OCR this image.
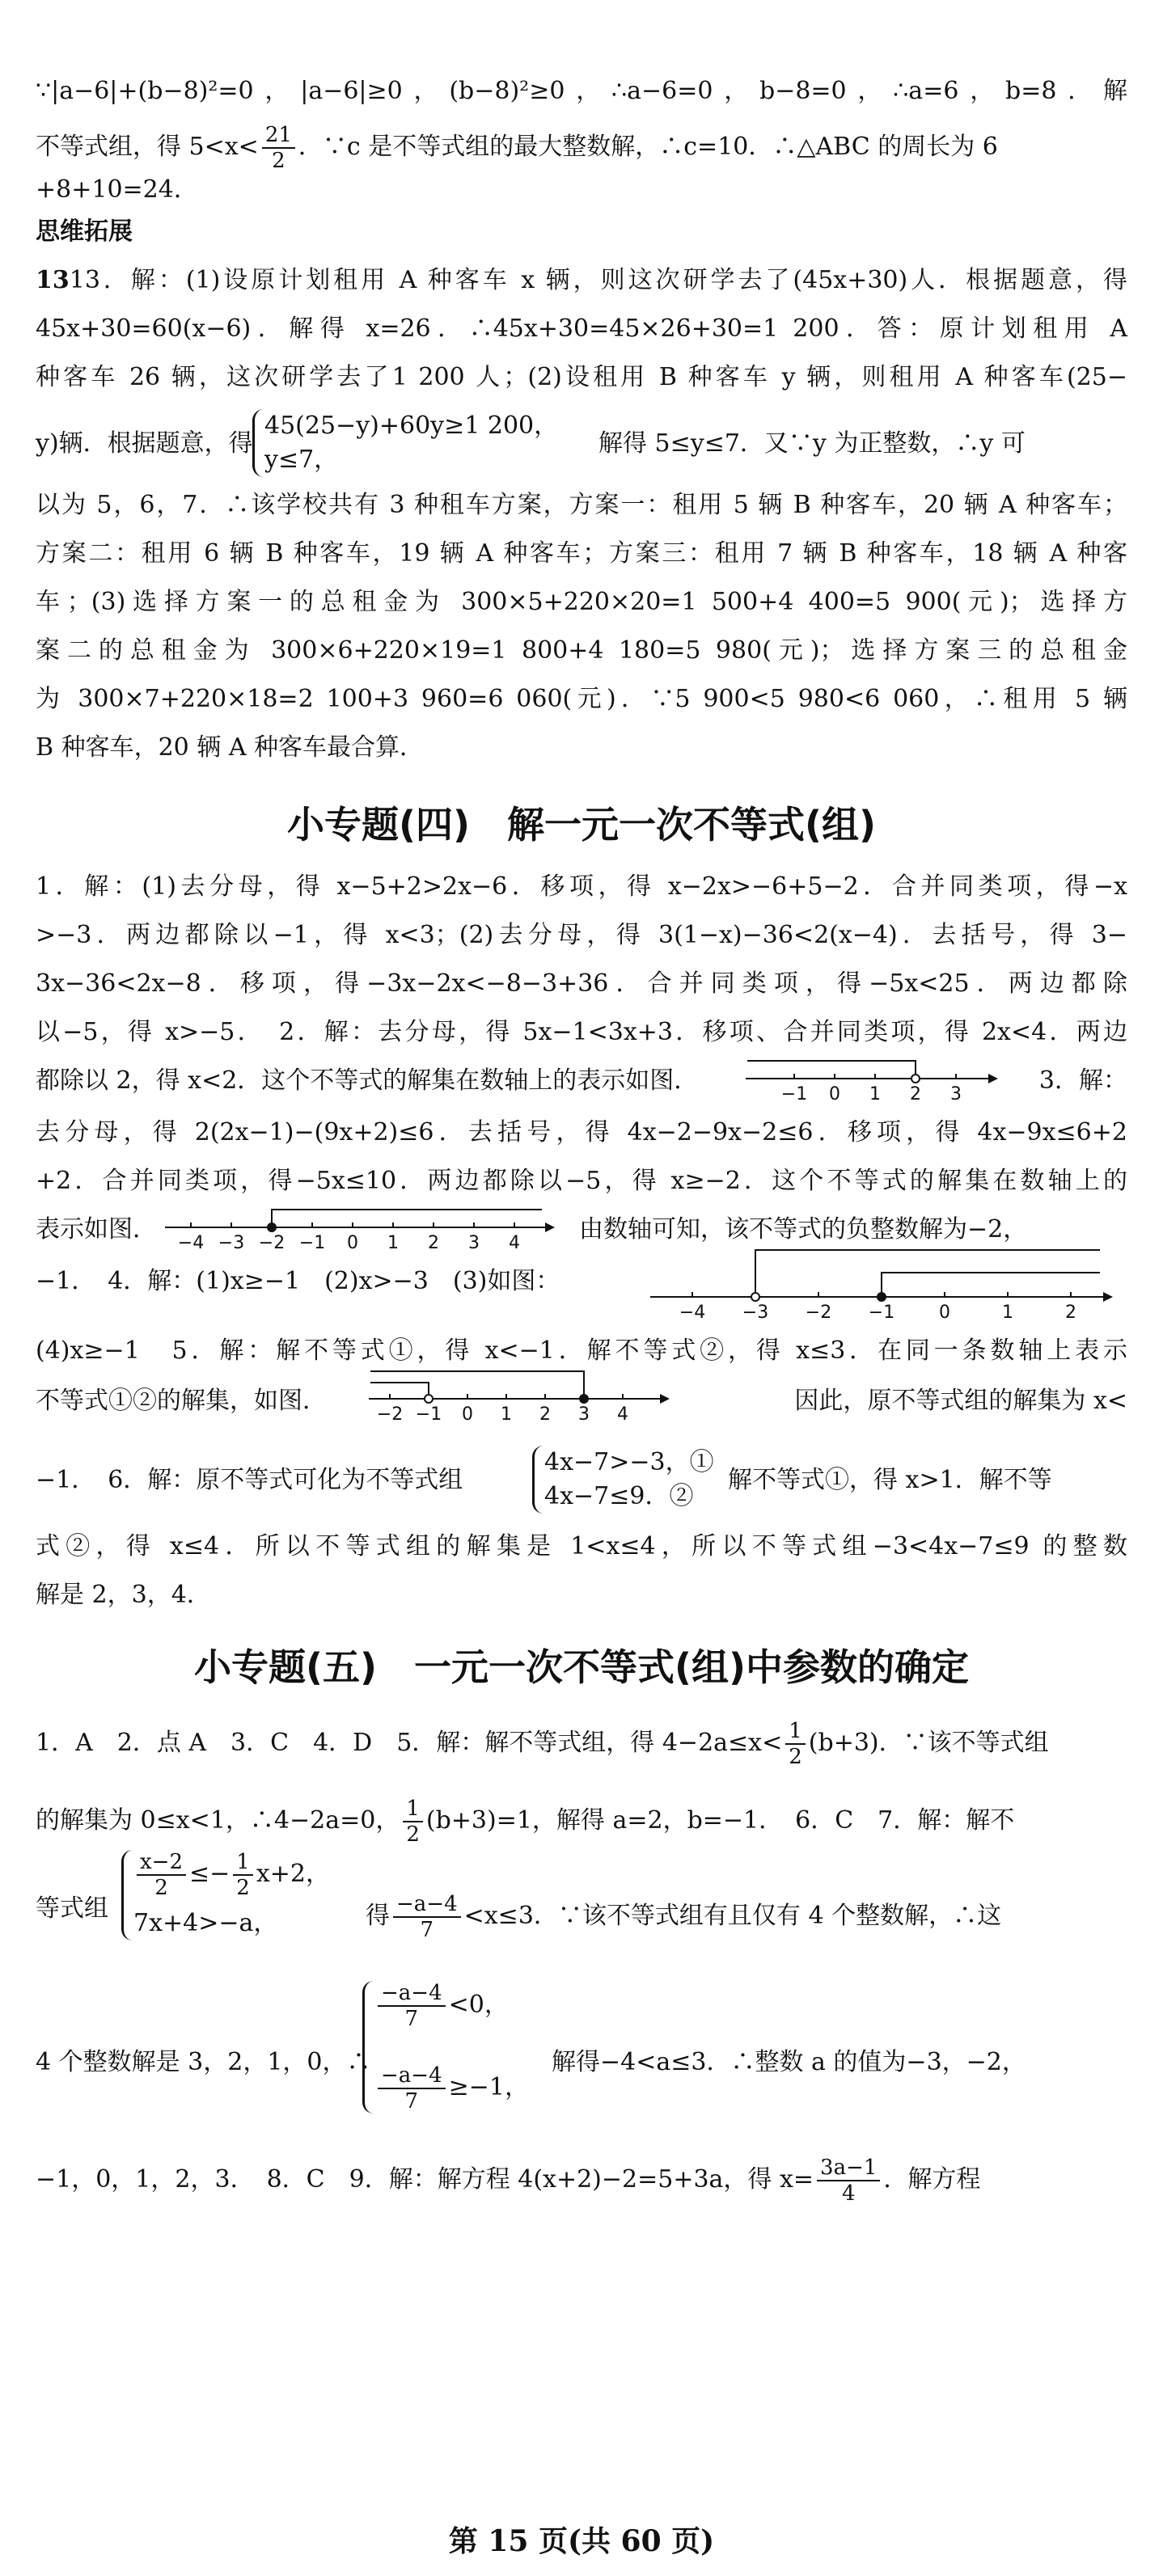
∵|a−6|+(b−8)²=0，|a−6|≥0，(b−8)²≥0，∴a−6=0，b−8=0，∴a=6，b=8．解
不等式组，得 $5<x< \frac{21}{2}$ ．∵c 是不等式组的最大整数解，∴c=10．∴△ABC 的周长为 6
+8+10=24．
思维拓展
1313．解：(1)设原计划租用 A 种客车 x 辆，则这次研学去了(45x+30)人．根据题意，得
45x+30=60(x−6)．解得 x=26．∴45x+30=45×26+30=1 200．答：原计划租用 A
种客车 26 辆，这次研学去了1 200 人；(2)设租用 B 种客车 y 辆，则租用 A 种客车(25−
y)辆．根据题意，得
45(25−y)+60y≥1 200，
y≤7，
解得 5≤y≤7．又∵y 为正整数，∴y 可
以为 5，6，7．∴该学校共有 3 种租车方案，方案一：租用 5 辆 B 种客车，20 辆 A 种客车；
方案二：租用 6 辆 B 种客车，19 辆 A 种客车；方案三：租用 7 辆 B 种客车，18 辆 A 种客
车；(3)选择方案一的总租金为 300×5+220×20=1 500+4 400=5 900(元)；选择方
案二的总租金为 300×6+220×19=1 800+4 180=5 980(元)；选择方案三的总租金
为 300×7+220×18=2 100+3 960=6 060(元)．∵5 900<5 980<6 060，∴租用 5 辆
B 种客车，20 辆 A 种客车最合算．
小专题(四)　解一元一次不等式(组)
1．解：(1)去分母，得 x−5+2>2x−6．移项，得 x−2x>−6+5−2．合并同类项，得−x
>−3．两边都除以−1，得 x<3；(2)去分母，得 3(1−x)−36<2(x−4)．去括号，得 3−
3x−36<2x−8．移项，得−3x−2x<−8−3+36．合并同类项，得−5x<25．两边都除
以−5，得 x>−5．　2．解：去分母，得 5x−1<3x+3．移项、合并同类项，得 2x<4．两边
都除以 2，得 x<2．这个不等式的解集在数轴上的表示如图．	−1 0 1 2 3	3．解：
去分母，得 2(2x−1)−(9x+2)≤6．去括号，得 4x−2−9x−2≤6．移项，得 4x−9x≤6+2
+2．合并同类项，得−5x≤10．两边都除以−5，得 x≥−2．这个不等式的解集在数轴上的
表示如图．	−4 −3 −2 −1 0 1 2 3 4 由数轴可知，该不等式的负整数解为−2，
−1．　4．解：(1)x≥−1　(2)x>−3　(3)如图：
−4 −3 −2 −1 0	1	2
(4)x≥−1　5．解：解不等式①，得 x<−1．解不等式②，得 x≤3．在同一条数轴上表示
不等式①②的解集，如图．	−2 −1 0 1 2 3 4	因此，原不等式组的解集为 x<
−1．　6．解：原不等式可化为不等式组
4x−7>−3，①
4x−7≤9．②
解不等式①，得 x>1．解不等
式②，得 x≤4．所以不等式组的解集是 1<x≤4，所以不等式组−3<4x−7≤9 的整数
解是 2，3，4．
小专题(五)　一元一次不等式(组)中参数的确定
1．A　2．点 A　3．C　4．D　5．解：解不等式组，得 $4-2a\le x< \frac{1}{2} (b+3)$．∵该不等式组
的解集为 0≤x<1，∴4−2a=0， $\frac{1}{2} (b+3)=1$，解得 a=2，b=−1．　6．C　7．解：解不
等式组
$\frac{x-2}{2} \le- \frac{1}{2} x+2$，
7x+4>−a，	得 $\frac{-a-4}{7} <x\le 3$．∵该不等式组有且仅有 4 个整数解，∴这
4 个整数解是 3，2，1，0，∴
$\frac{-a-4}{7} <0$，
$\frac{-a-4}{7} \ge-1$，
解得−4<a≤3．∴整数 a 的值为−3，−2，
−1，0，1，2，3．　8．C　9．解：解方程 4(x+2)−2=5+3a，得 $x= \frac{3a-1}{4}$ ．解方程
第 15 页(共 60 页)
